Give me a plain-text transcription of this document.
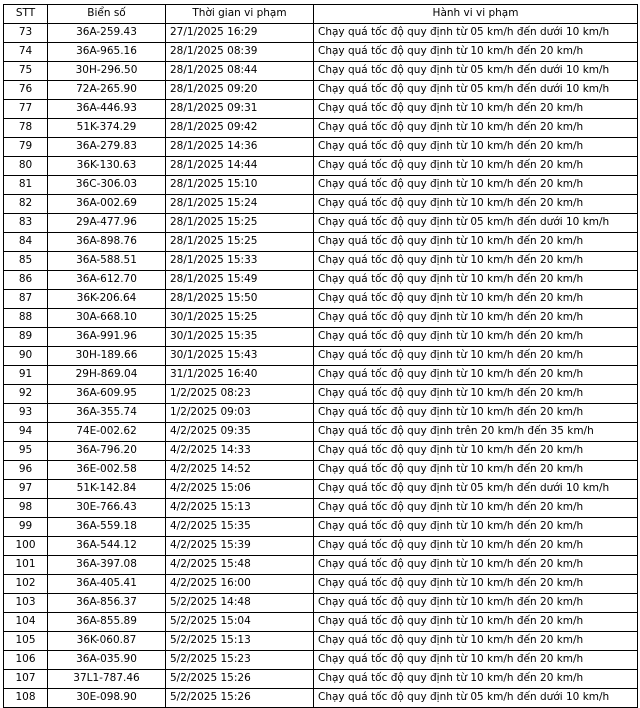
STT	Biển số	Thời gian vi phạm	Hành vi vi phạm
73	36A-259.43	27/1/2025 16:29	Chạy quá tốc độ quy định từ 05 km/h đến dưới 10 km/h
74	36A-965.16	28/1/2025 08:39	Chạy quá tốc độ quy định từ 10 km/h đến 20 km/h
75	30H-296.50	28/1/2025 08:44	Chạy quá tốc độ quy định từ 05 km/h đến dưới 10 km/h
76	72A-265.90	28/1/2025 09:20	Chạy quá tốc độ quy định từ 05 km/h đến dưới 10 km/h
77	36A-446.93	28/1/2025 09:31	Chạy quá tốc độ quy định từ 10 km/h đến 20 km/h
78	51K-374.29	28/1/2025 09:42	Chạy quá tốc độ quy định từ 10 km/h đến 20 km/h
79	36A-279.83	28/1/2025 14:36	Chạy quá tốc độ quy định từ 10 km/h đến 20 km/h
80	36K-130.63	28/1/2025 14:44	Chạy quá tốc độ quy định từ 10 km/h đến 20 km/h
81	36C-306.03	28/1/2025 15:10	Chạy quá tốc độ quy định từ 10 km/h đến 20 km/h
82	36A-002.69	28/1/2025 15:24	Chạy quá tốc độ quy định từ 10 km/h đến 20 km/h
83	29A-477.96	28/1/2025 15:25	Chạy quá tốc độ quy định từ 05 km/h đến dưới 10 km/h
84	36A-898.76	28/1/2025 15:25	Chạy quá tốc độ quy định từ 10 km/h đến 20 km/h
85	36A-588.51	28/1/2025 15:33	Chạy quá tốc độ quy định từ 10 km/h đến 20 km/h
86	36A-612.70	28/1/2025 15:49	Chạy quá tốc độ quy định từ 10 km/h đến 20 km/h
87	36K-206.64	28/1/2025 15:50	Chạy quá tốc độ quy định từ 10 km/h đến 20 km/h
88	30A-668.10	30/1/2025 15:25	Chạy quá tốc độ quy định từ 10 km/h đến 20 km/h
89	36A-991.96	30/1/2025 15:35	Chạy quá tốc độ quy định từ 10 km/h đến 20 km/h
90	30H-189.66	30/1/2025 15:43	Chạy quá tốc độ quy định từ 10 km/h đến 20 km/h
91	29H-869.04	31/1/2025 16:40	Chạy quá tốc độ quy định từ 10 km/h đến 20 km/h
92	36A-609.95	1/2/2025 08:23	Chạy quá tốc độ quy định từ 10 km/h đến 20 km/h
93	36A-355.74	1/2/2025 09:03	Chạy quá tốc độ quy định từ 10 km/h đến 20 km/h
94	74E-002.62	4/2/2025 09:35	Chạy quá tốc độ quy định trên 20 km/h đến 35 km/h
95	36A-796.20	4/2/2025 14:33	Chạy quá tốc độ quy định từ 10 km/h đến 20 km/h
96	36E-002.58	4/2/2025 14:52	Chạy quá tốc độ quy định từ 10 km/h đến 20 km/h
97	51K-142.84	4/2/2025 15:06	Chạy quá tốc độ quy định từ 05 km/h đến dưới 10 km/h
98	30E-766.43	4/2/2025 15:13	Chạy quá tốc độ quy định từ 10 km/h đến 20 km/h
99	36A-559.18	4/2/2025 15:35	Chạy quá tốc độ quy định từ 10 km/h đến 20 km/h
100	36A-544.12	4/2/2025 15:39	Chạy quá tốc độ quy định từ 10 km/h đến 20 km/h
101	36A-397.08	4/2/2025 15:48	Chạy quá tốc độ quy định từ 10 km/h đến 20 km/h
102	36A-405.41	4/2/2025 16:00	Chạy quá tốc độ quy định từ 10 km/h đến 20 km/h
103	36A-856.37	5/2/2025 14:48	Chạy quá tốc độ quy định từ 10 km/h đến 20 km/h
104	36A-855.89	5/2/2025 15:04	Chạy quá tốc độ quy định từ 10 km/h đến 20 km/h
105	36K-060.87	5/2/2025 15:13	Chạy quá tốc độ quy định từ 10 km/h đến 20 km/h
106	36A-035.90	5/2/2025 15:23	Chạy quá tốc độ quy định từ 10 km/h đến 20 km/h
107	37L1-787.46	5/2/2025 15:26	Chạy quá tốc độ quy định từ 10 km/h đến 20 km/h
108	30E-098.90	5/2/2025 15:26	Chạy quá tốc độ quy định từ 05 km/h đến dưới 10 km/h
